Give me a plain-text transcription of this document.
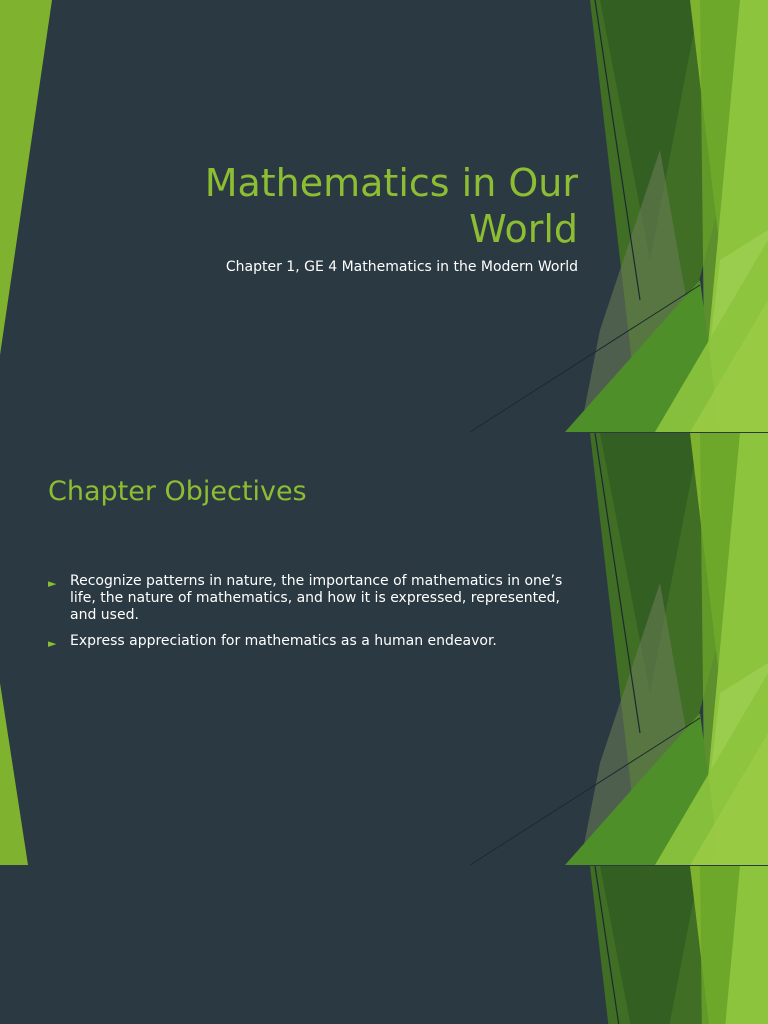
Mathematics in Our
World
Chapter 1, GE 4 Mathematics in the Modern World
Chapter Objectives
► Recognize patterns in nature, the importance of mathematics in one’s life, the nature of mathematics, and how it is expressed, represented, and used.
► Express appreciation for mathematics as a human endeavor.
